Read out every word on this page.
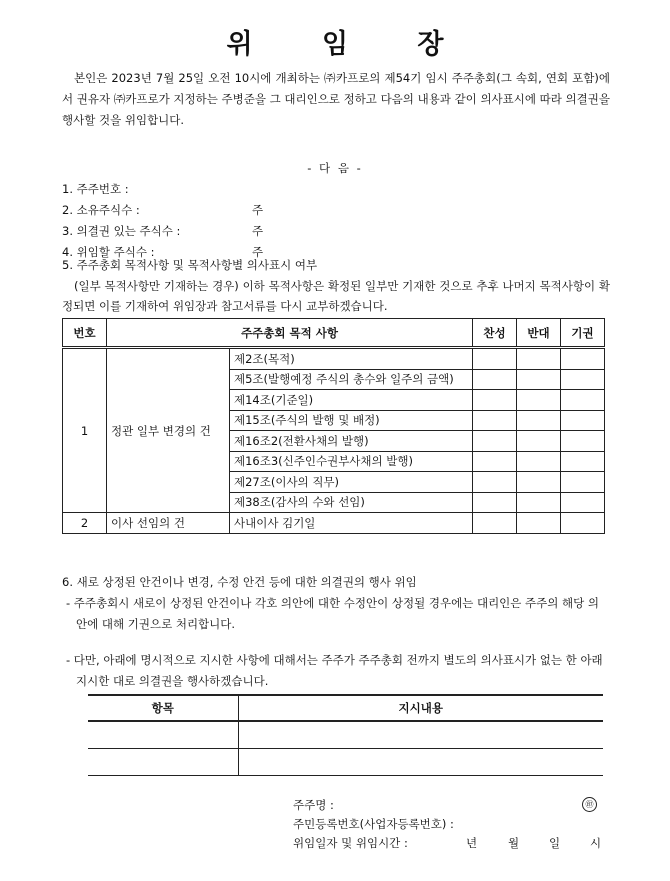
위 임 장
본인은 2023년 7월 25일 오전 10시에 개최하는 ㈜카프로의 제54기 임시 주주총회(그 속회, 연회 포함)에서 권유자 ㈜카프로가 지정하는 주병준을 그 대리인으로 정하고 다음의 내용과 같이 의사표시에 따라 의결권을 행사할 것을 위임합니다.
- 다 음 -
1. 주주번호 :
2. 소유주식수 :	주
3. 의결권 있는 주식수 :	주
4. 위임할 주식수 :	주
5. 주주총회 목적사항 및 목적사항별 의사표시 여부
(일부 목적사항만 기재하는 경우) 이하 목적사항은 확정된 일부만 기재한 것으로 추후 나머지 목적사항이 확정되면 이를 기재하여 위임장과 참고서류를 다시 교부하겠습니다.
번호	주주총회 목적 사항		찬성	반대	기권
1	정관 일부 변경의 건	제2조(목적)			
		제5조(발행예정 주식의 총수와 일주의 금액)			
		제14조(기준일)			
		제15조(주식의 발행 및 배정)			
		제16조2(전환사채의 발행)			
		제16조3(신주인수권부사채의 발행)			
		제27조(이사의 직무)			
		제38조(감사의 수와 선임)			
2	이사 선임의 건	사내이사 김기일			
6. 새로 상정된 안건이나 변경, 수정 안건 등에 대한 의결권의 행사 위임
- 주주총회시 새로이 상정된 안건이나 각호 의안에 대한 수정안이 상정될 경우에는 대리인은 주주의 해당 의안에 대해 기권으로 처리합니다.
- 다만, 아래에 명시적으로 지시한 사항에 대해서는 주주가 주주총회 전까지 별도의 의사표시가 없는 한 아래 지시한 대로 의결권을 행사하겠습니다.
항목	지시내용

주주명 :	㊞
주민등록번호(사업자등록번호) :
위임일자 및 위임시간 :	년	월	일	시
